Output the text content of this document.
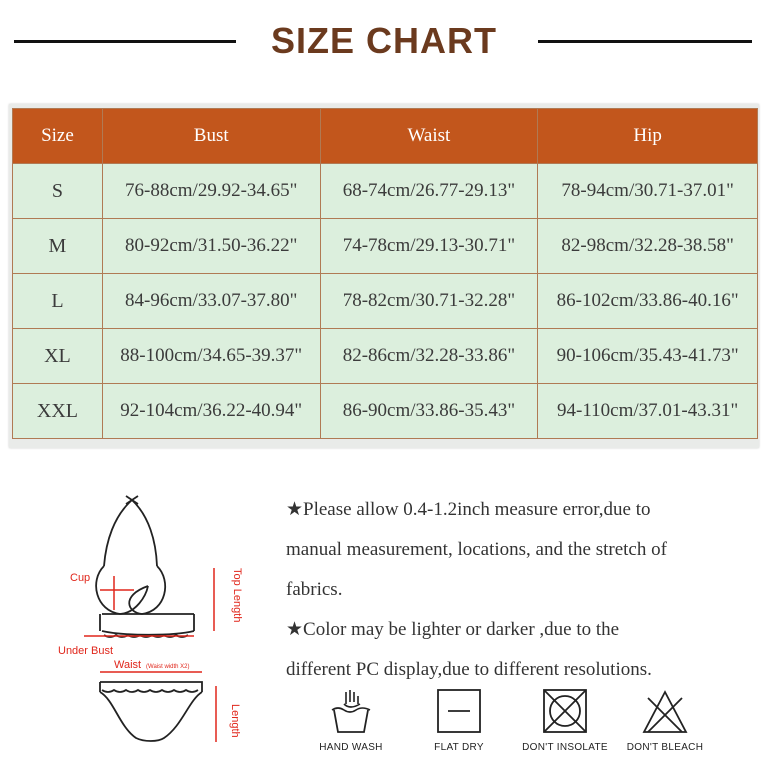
SIZE CHART
Size	Bust	Waist	Hip
S	76-88cm/29.92-34.65"	68-74cm/26.77-29.13"	78-94cm/30.71-37.01"
M	80-92cm/31.50-36.22"	74-78cm/29.13-30.71"	82-98cm/32.28-38.58"
L	84-96cm/33.07-37.80"	78-82cm/30.71-32.28"	86-102cm/33.86-40.16"
XL	88-100cm/34.65-39.37"	82-86cm/32.28-33.86"	90-106cm/35.43-41.73"
XXL	92-104cm/36.22-40.94"	86-90cm/33.86-35.43"	94-110cm/37.01-43.31"
Cup
Under Bust
Top Length
Waist (Waist width X2)
Length

★Please allow 0.4-1.2inch measure error,due to

manual measurement, locations, and the stretch of

fabrics.

★Color may be lighter or darker ,due to the

different PC display,due to different resolutions.

HAND WASH	FLAT DRY	DON'T INSOLATE	DON'T BLEACH
